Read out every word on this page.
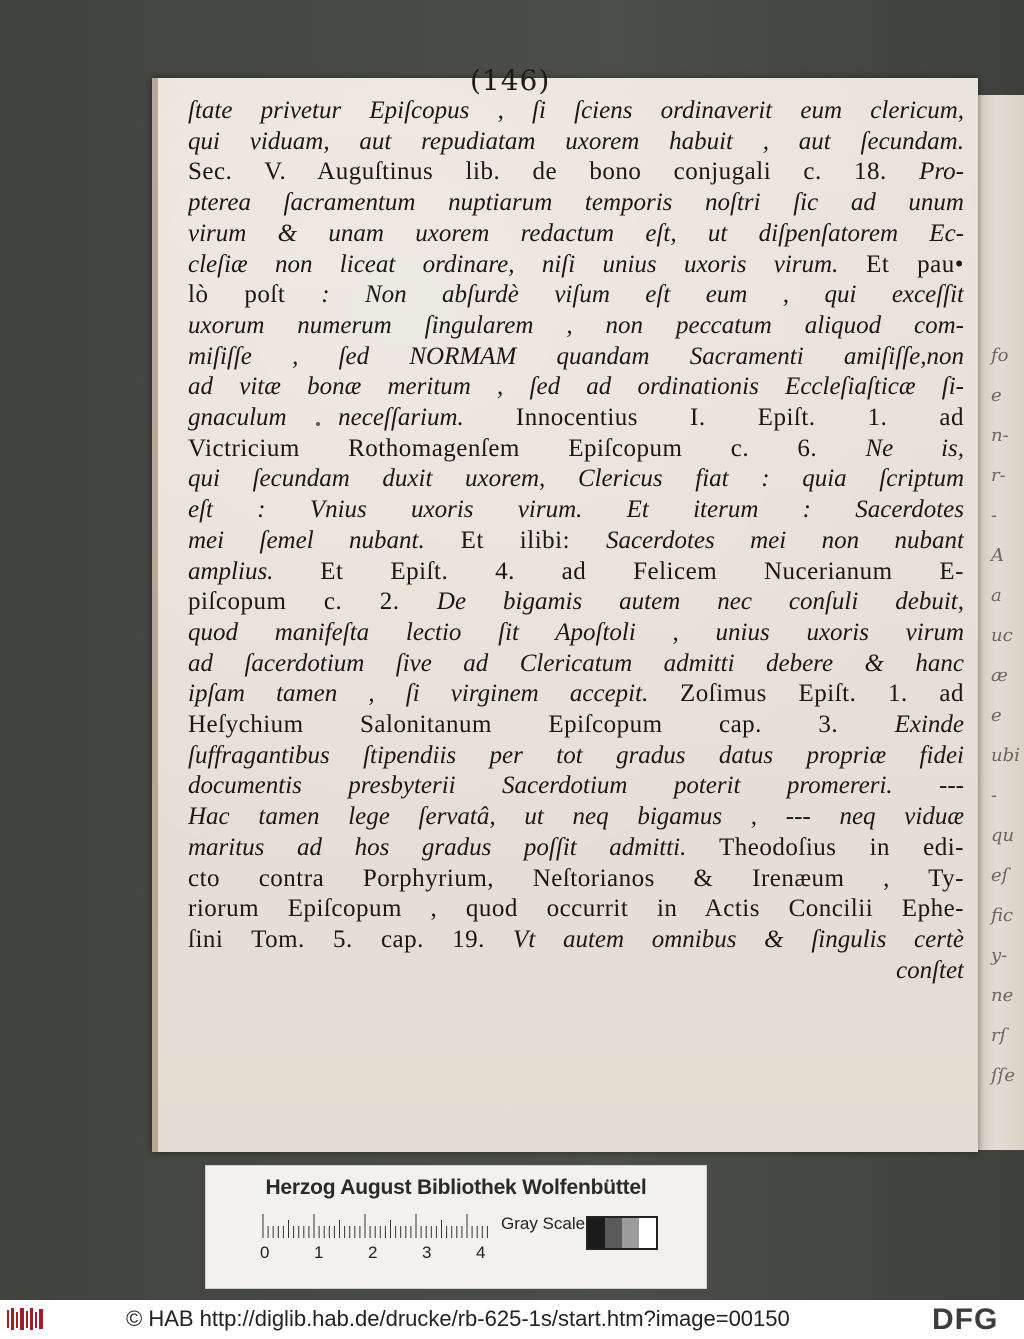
fo
e
n-
r-
-
A
a
uc
æ
e
ubi
-
qu
eſ
fic
y-
ne
rſ
ſſe
(146)
ſtate privetur Epiſcopus , ſi ſciens ordinaverit eum clericum,
qui viduam, aut repudiatam uxorem habuit , aut ſecundam.
Sec. V. Auguſtinus lib. de bono conjugali c. 18. Pro-
pterea ſacramentum nuptiarum temporis noſtri ſic ad unum
virum & unam uxorem redactum eſt, ut diſpenſatorem Ec-
cleſiæ non liceat ordinare, niſi unius uxoris virum. Et pau•
lò poſt : Non abſurdè viſum eſt eum , qui exceſſit
uxorum numerum ſingularem , non peccatum aliquod com-
miſiſſe , ſed NORMAM quandam Sacramenti amiſiſſe,non
ad vitæ bonæ meritum , ſed ad ordinationis Eccleſiaſticæ ſi-
gnaculum neceſſarium. Innocentius I. Epiſt. 1. ad
Victricium Rothomagenſem Epiſcopum c. 6. Ne is,
qui ſecundam duxit uxorem, Clericus fiat : quia ſcriptum
eſt : Vnius uxoris virum. Et iterum : Sacerdotes
mei ſemel nubant. Et ilibi: Sacerdotes mei non nubant
amplius. Et Epiſt. 4. ad Felicem Nucerianum E-
piſcopum c. 2. De bigamis autem nec conſuli debuit,
quod manifeſta lectio ſit Apoſtoli , unius uxoris virum
ad ſacerdotium ſive ad Clericatum admitti debere & hanc
ipſam tamen , ſi virginem accepit. Zoſimus Epiſt. 1. ad
Heſychium Salonitanum Epiſcopum cap. 3. Exinde
ſuffragantibus ſtipendiis per tot gradus datus propriæ fidei
documentis presbyterii Sacerdotium poterit promereri. ---
Hac tamen lege ſervatâ, ut neq bigamus , --- neq viduæ
maritus ad hos gradus poſſit admitti. Theodoſius in edi-
cto contra Porphyrium, Neſtorianos & Irenæum , Ty-
riorum Epiſcopum , quod occurrit in Actis Concilii Ephe-
ſini Tom. 5. cap. 19. Vt autem omnibus & ſingulis certè
conſtet
Herzog August Bibliothek Wolfenbüttel
0	1	2	3	4
Gray Scale
© HAB http://diglib.hab.de/drucke/rb-625-1s/start.htm?image=00150	DFG
